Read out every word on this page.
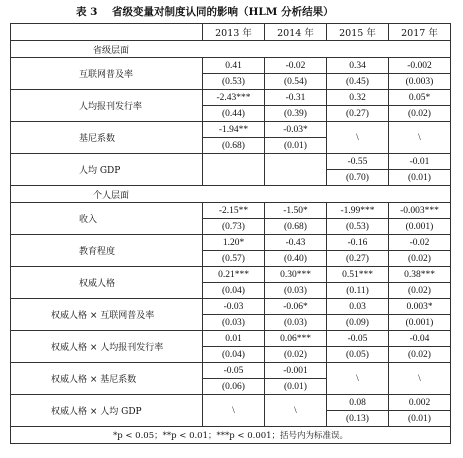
表 3 省级变量对制度认同的影响（HLM 分析结果）
	2013 年	2014 年	2015 年	2017 年
省级层面				
互联网普及率	0.41	-0.02	0.34	-0.002
	(0.53)	(0.54)	(0.45)	(0.003)
人均报刊发行率	-2.43***	-0.31	0.32	0.05*
	(0.44)	(0.39)	(0.27)	(0.02)
基尼系数	-1.94**	-0.03*	\	\
	(0.68)	(0.01)		
人均 GDP			-0.55	-0.01
			(0.70)	(0.01)
个人层面				
收入	-2.15**	-1.50*	-1.99***	-0.003***
	(0.73)	(0.68)	(0.53)	(0.001)
教育程度	1.20*	-0.43	-0.16	-0.02
	(0.57)	(0.40)	(0.27)	(0.02)
权威人格	0.21***	0.30***	0.51***	0.38***
	(0.04)	(0.03)	(0.11)	(0.02)
权威人格 × 互联网普及率	-0.03	-0.06*	0.03	0.003*
	(0.03)	(0.03)	(0.09)	(0.001)
权威人格 × 人均报刊发行率	0.01	0.06***	-0.05	-0.04
	(0.04)	(0.02)	(0.05)	(0.02)
权威人格 × 基尼系数	-0.05	-0.001	\	\
	(0.06)	(0.01)		
权威人格 × 人均 GDP	\	\	0.08	0.002
			(0.13)	(0.01)
*p < 0.05；**p < 0.01；***p < 0.001；括号内为标准误。				
